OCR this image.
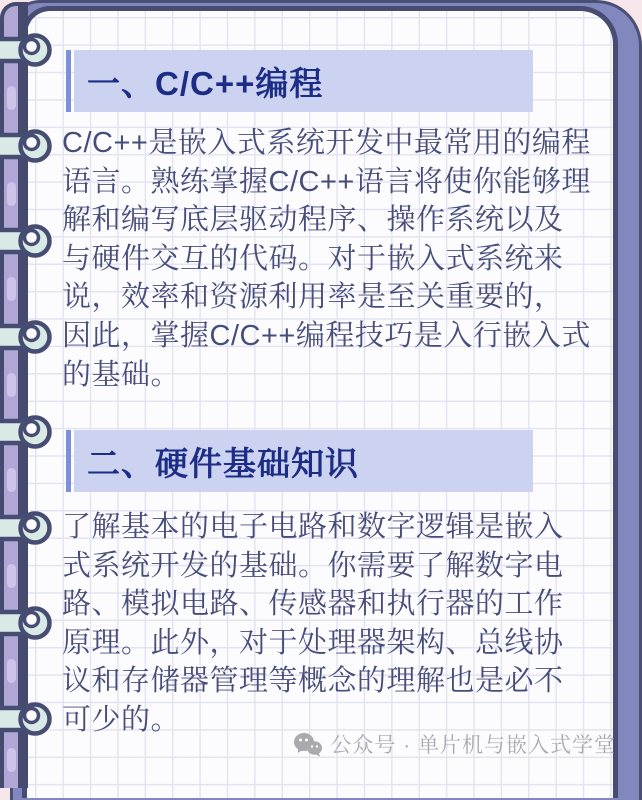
一、C/C++编程
C/C++是嵌入式系统开发中最常用的编程
语言。熟练掌握C/C++语言将使你能够理
解和编写底层驱动程序、操作系统以及
与硬件交互的代码。对于嵌入式系统来
说，效率和资源利用率是至关重要的，
因此，掌握C/C++编程技巧是入行嵌入式
的基础。
二、硬件基础知识
了解基本的电子电路和数字逻辑是嵌入
式系统开发的基础。你需要了解数字电
路、模拟电路、传感器和执行器的工作
原理。此外，对于处理器架构、总线协
议和存储器管理等概念的理解也是必不
可少的。
公众号 · 单片机与嵌入式学堂
